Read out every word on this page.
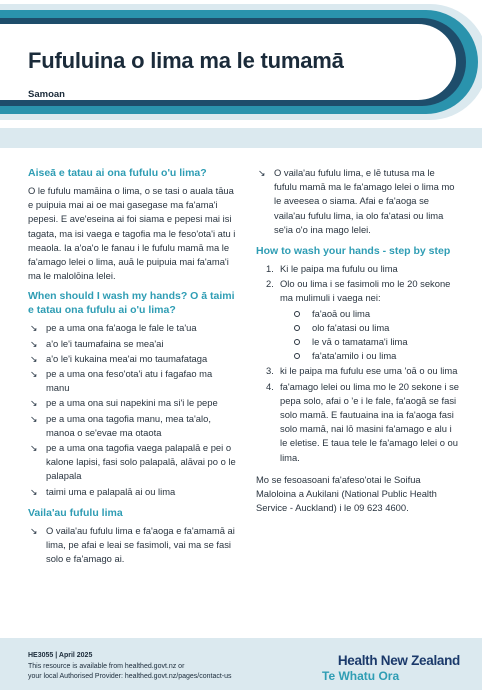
Fufuluina o lima ma le tumamā
Samoan
Aiseā e tatau ai ona fufulu o'u lima?

O le fufulu mamāina o lima, o se tasi o auala tāua e puipuia mai ai oe mai gasegase ma fa'ama'i pepesi. E ave'eseina ai foi siama e pepesi mai isi tagata, ma isi vaega e tagofia ma le feso'ota'i atu i meaola. Ia a'oa'o le fanau i le fufulu mamā ma le fa'amago lelei o lima, auā le puipuia mai fa'ama'i ma le malolōina lelei.

When should I wash my hands? O ā taimi e tatau ona fufulu ai o'u lima?
↘ pe a uma ona fa'aoga le fale le ta'ua
↘ a'o le'i taumafaina se mea'ai
↘ a'o le'i kukaina mea'ai mo taumafataga
↘ pe a uma ona feso'ota'i atu i fagafao ma manu
↘ pe a uma ona sui napekini ma si'i le pepe
↘ pe a uma ona tagofia manu, mea ta'alo, manoa o se'evae ma otaota
↘ pe a uma ona tagofia vaega palapalā e pei o kalone lapisi, fasi solo palapalā, alāvai po o le palapala
↘ taimi uma e palapalā ai ou lima
Vaila'au fufulu lima
↘ O vaila'au fufulu lima e fa'aoga e fa'amamā ai lima, pe afai e leai se fasimoli, vai ma se fasi solo e fa'amago ai.
↘ O vaila'au fufulu lima, e lē tutusa ma le fufulu mamā ma le fa'amago lelei o lima mo le aveesea o siama. Afai e fa'aoga se vaila'au fufulu lima, ia olo fa'atasi ou lima se'ia o'o ina mago lelei.
How to wash your hands - step by step
1. Ki le paipa ma fufulu ou lima
2. Olo ou lima i se fasimoli mo le 20 sekone ma mulimuli i vaega nei:
fa'aoā ou lima
olo fa'atasi ou lima
le vā o tamatama'i lima
fa'ata'amilo i ou lima
3. ki le paipa ma fufulu ese uma 'oā o ou lima
4. fa'amago lelei ou lima mo le 20 sekone i se pepa solo, afai o 'e i le fale, fa'aogā se fasi solo mamā. E fautuaina ina ia fa'aoga fasi solo mamā, nai lō masini fa'amago e alu i le eletise. E taua tele le fa'amago lelei o ou lima.

Mo se fesoasoani fa'afeso'otai le Soifua Maloloina a Aukilani (National Public Health Service - Auckland) i le 09 623 4600.

HE3055 | April 2025
This resource is available from healthed.govt.nz or
your local Authorised Provider: healthed.govt.nz/pages/contact-us
Health New Zealand
Te Whatu Ora
